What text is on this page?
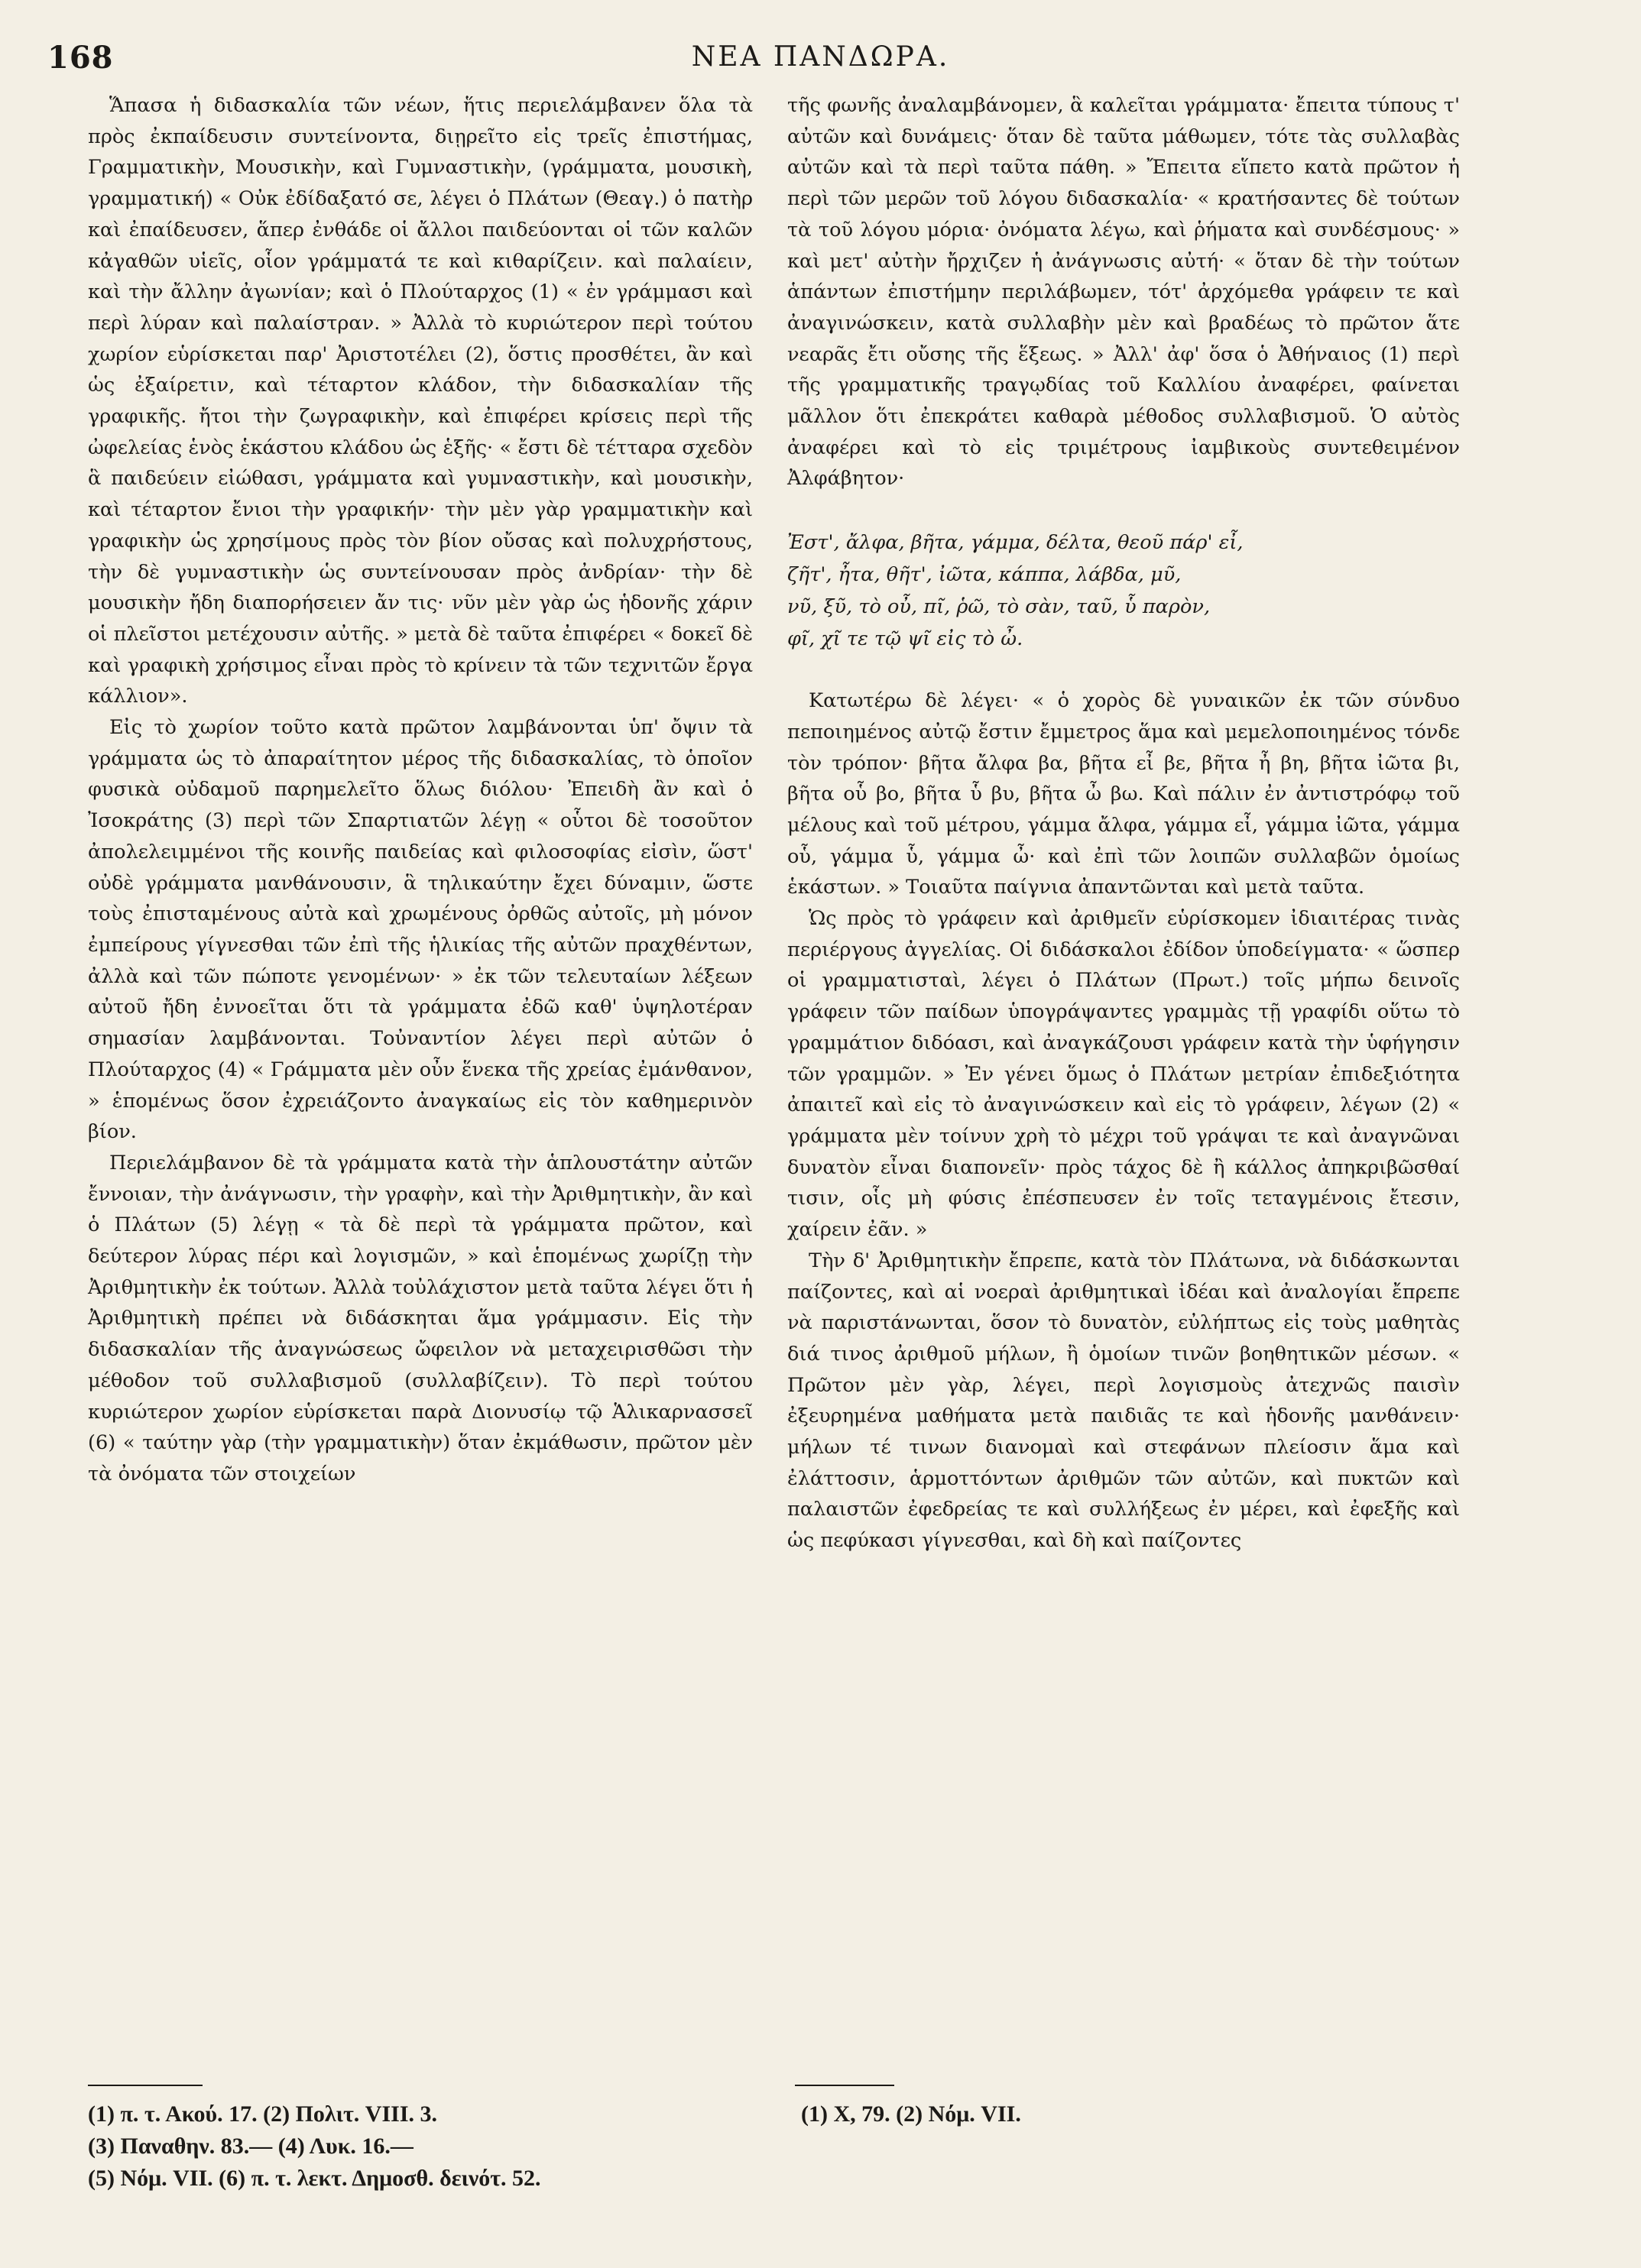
168	ΝΕΑ ΠΑΝΔΩΡΑ.

Ἅπασα ἡ διδασκαλία τῶν νέων, ἥτις περιελάμβανεν ὅλα τὰ πρὸς ἐκπαίδευσιν συντείνοντα, διῃρεῖτο εἰς τρεῖς ἐπιστήμας, Γραμματικὴν, Μουσικὴν, καὶ Γυμναστικὴν, (γράμματα, μουσικὴ, γραμματική) « Οὐκ ἐδίδαξατό σε, λέγει ὁ Πλάτων (Θεαγ.) ὁ πατὴρ καὶ ἐπαίδευσεν, ἅπερ ἐνθάδε οἱ ἄλλοι παιδεύονται οἱ τῶν καλῶν κἀγαθῶν υἱεῖς, οἷον γράμματά τε καὶ κιθαρίζειν. καὶ παλαίειν, καὶ τὴν ἄλλην ἀγωνίαν; καὶ ὁ Πλούταρχος (1) « ἐν γράμμασι καὶ περὶ λύραν καὶ παλαίστραν. » Ἀλλὰ τὸ κυριώτερον περὶ τούτου χωρίον εὑρίσκεται παρ' Ἀριστοτέλει (2), ὅστις προσθέτει, ἂν καὶ ὡς ἐξαίρετιν, καὶ τέταρτον κλάδον, τὴν διδασκαλίαν τῆς γραφικῆς. ἤτοι τὴν ζωγραφικὴν, καὶ ἐπιφέρει κρίσεις περὶ τῆς ὠφελείας ἑνὸς ἑκάστου κλάδου ὡς ἑξῆς· « ἔστι δὲ τέτταρα σχεδὸν ἃ παιδεύειν εἰώθασι, γράμματα καὶ γυμναστικὴν, καὶ μουσικὴν, καὶ τέταρτον ἔνιοι τὴν γραφικήν· τὴν μὲν γὰρ γραμματικὴν καὶ γραφικὴν ὡς χρησίμους πρὸς τὸν βίον οὔσας καὶ πολυχρήστους, τὴν δὲ γυμναστικὴν ὡς συντείνουσαν πρὸς ἀνδρίαν· τὴν δὲ μουσικὴν ἤδη διαπορήσειεν ἄν τις· νῦν μὲν γὰρ ὡς ἡδονῆς χάριν οἱ πλεῖστοι μετέχουσιν αὐτῆς. » μετὰ δὲ ταῦτα ἐπιφέρει « δοκεῖ δὲ καὶ γραφικὴ χρήσιμος εἶναι πρὸς τὸ κρίνειν τὰ τῶν τεχνιτῶν ἔργα κάλλιον».

Εἰς τὸ χωρίον τοῦτο κατὰ πρῶτον λαμβάνονται ὑπ' ὄψιν τὰ γράμματα ὡς τὸ ἀπαραίτητον μέρος τῆς διδασκαλίας, τὸ ὁποῖον φυσικὰ οὐδαμοῦ παρημελεῖτο ὅλως διόλου· Ἐπειδὴ ἂν καὶ ὁ Ἰσοκράτης (3) περὶ τῶν Σπαρτιατῶν λέγῃ « οὗτοι δὲ τοσοῦτον ἀπολελειμμένοι τῆς κοινῆς παιδείας καὶ φιλοσοφίας εἰσὶν, ὥστ' οὐδὲ γράμματα μανθάνουσιν, ἃ τηλικαύτην ἔχει δύναμιν, ὥστε τοὺς ἐπισταμένους αὐτὰ καὶ χρωμένους ὀρθῶς αὐτοῖς, μὴ μόνον ἐμπείρους γίγνεσθαι τῶν ἐπὶ τῆς ἡλικίας τῆς αὐτῶν πραχθέντων, ἀλλὰ καὶ τῶν πώποτε γενομένων· » ἐκ τῶν τελευταίων λέξεων αὐτοῦ ἤδη ἐννοεῖται ὅτι τὰ γράμματα ἐδῶ καθ' ὑψηλοτέραν σημασίαν λαμβάνονται. Τοὐναντίον λέγει περὶ αὐτῶν ὁ Πλούταρχος (4) « Γράμματα μὲν οὖν ἕνεκα τῆς χρείας ἐμάνθανον, » ἑπομένως ὅσον ἐχρειάζοντο ἀναγκαίως εἰς τὸν καθημερινὸν βίον.

Περιελάμβανον δὲ τὰ γράμματα κατὰ τὴν ἁπλουστάτην αὐτῶν ἔννοιαν, τὴν ἀνάγνωσιν, τὴν γραφὴν, καὶ τὴν Ἀριθμητικὴν, ἂν καὶ ὁ Πλάτων (5) λέγῃ « τὰ δὲ περὶ τὰ γράμματα πρῶτον, καὶ δεύτερον λύρας πέρι καὶ λογισμῶν, » καὶ ἑπομένως χωρίζῃ τὴν Ἀριθμητικὴν ἐκ τούτων. Ἀλλὰ τοὐλάχιστον μετὰ ταῦτα λέγει ὅτι ἡ Ἀριθμητικὴ πρέπει νὰ διδάσκηται ἅμα γράμμασιν. Εἰς τὴν διδασκαλίαν τῆς ἀναγνώσεως ὤφειλον νὰ μεταχειρισθῶσι τὴν μέθοδον τοῦ συλλαβισμοῦ (συλλαβίζειν). Τὸ περὶ τούτου κυριώτερον χωρίον εὑρίσκεται παρὰ Διονυσίῳ τῷ Ἁλικαρνασσεῖ (6) « ταύτην γὰρ (τὴν γραμματικὴν) ὅταν ἐκμάθωσιν, πρῶτον μὲν τὰ ὀνόματα τῶν στοιχείων

τῆς φωνῆς ἀναλαμβάνομεν, ἃ καλεῖται γράμματα· ἔπειτα τύπους τ' αὐτῶν καὶ δυνάμεις· ὅταν δὲ ταῦτα μάθωμεν, τότε τὰς συλλαβὰς αὐτῶν καὶ τὰ περὶ ταῦτα πάθη. » Ἔπειτα εἵπετο κατὰ πρῶτον ἡ περὶ τῶν μερῶν τοῦ λόγου διδασκαλία· « κρατήσαντες δὲ τούτων τὰ τοῦ λόγου μόρια· ὀνόματα λέγω, καὶ ῥήματα καὶ συνδέσμους· » καὶ μετ' αὐτὴν ἤρχιζεν ἡ ἀνάγνωσις αὐτή· « ὅταν δὲ τὴν τούτων ἁπάντων ἐπιστήμην περιλάβωμεν, τότ' ἀρχόμεθα γράφειν τε καὶ ἀναγινώσκειν, κατὰ συλλαβὴν μὲν καὶ βραδέως τὸ πρῶτον ἅτε νεαρᾶς ἔτι οὔσης τῆς ἕξεως. » Ἀλλ' ἀφ' ὅσα ὁ Ἀθήναιος (1) περὶ τῆς γραμματικῆς τραγῳδίας τοῦ Καλλίου ἀναφέρει, φαίνεται μᾶλλον ὅτι ἐπεκράτει καθαρὰ μέθοδος συλλαβισμοῦ. Ὁ αὐτὸς ἀναφέρει καὶ τὸ εἰς τριμέτρους ἰαμβικοὺς συντεθειμένον Ἀλφάβητον·

Ἐστ', ἄλφα, βῆτα, γάμμα, δέλτα, θεοῦ πάρ' εἶ,
ζῆτ', ἦτα, θῆτ', ἰῶτα, κάππα, λάβδα, μῦ,
νῦ, ξῦ, τὸ οὖ, πῖ, ῥῶ, τὸ σὰν, ταῦ, ὗ παρὸν,
φῖ, χῖ τε τῷ ψῖ εἰς τὸ ὦ.

Κατωτέρω δὲ λέγει· « ὁ χορὸς δὲ γυναικῶν ἐκ τῶν σύνδυο πεποιημένος αὐτῷ ἔστιν ἔμμετρος ἅμα καὶ μεμελοποιημένος τόνδε τὸν τρόπον· βῆτα ἄλφα βα, βῆτα εἶ βε, βῆτα ἦ βη, βῆτα ἰῶτα βι, βῆτα οὗ βο, βῆτα ὗ βυ, βῆτα ὦ βω. Καὶ πάλιν ἐν ἀντιστρόφῳ τοῦ μέλους καὶ τοῦ μέτρου, γάμμα ἄλφα, γάμμα εἶ, γάμμα ἰῶτα, γάμμα οὗ, γάμμα ὗ, γάμμα ὦ· καὶ ἐπὶ τῶν λοιπῶν συλλαβῶν ὁμοίως ἑκάστων. » Τοιαῦτα παίγνια ἀπαντῶνται καὶ μετὰ ταῦτα.

Ὡς πρὸς τὸ γράφειν καὶ ἀριθμεῖν εὑρίσκομεν ἰδιαιτέρας τινὰς περιέργους ἀγγελίας. Οἱ διδάσκαλοι ἐδίδον ὑποδείγματα· « ὥσπερ οἱ γραμματισταὶ, λέγει ὁ Πλάτων (Πρωτ.) τοῖς μήπω δεινοῖς γράφειν τῶν παίδων ὑπογράψαντες γραμμὰς τῇ γραφίδι οὕτω τὸ γραμμάτιον διδόασι, καὶ ἀναγκάζουσι γράφειν κατὰ τὴν ὑφήγησιν τῶν γραμμῶν. » Ἐν γένει ὅμως ὁ Πλάτων μετρίαν ἐπιδεξιότητα ἀπαιτεῖ καὶ εἰς τὸ ἀναγινώσκειν καὶ εἰς τὸ γράφειν, λέγων (2) « γράμματα μὲν τοίνυν χρὴ τὸ μέχρι τοῦ γράψαι τε καὶ ἀναγνῶναι δυνατὸν εἶναι διαπονεῖν· πρὸς τάχος δὲ ἢ κάλλος ἀπηκριβῶσθαί τισιν, οἷς μὴ φύσις ἐπέσπευσεν ἐν τοῖς τεταγμένοις ἔτεσιν, χαίρειν ἐᾶν. »

Τὴν δ' Ἀριθμητικὴν ἔπρεπε, κατὰ τὸν Πλάτωνα, νὰ διδάσκωνται παίζοντες, καὶ αἱ νοεραὶ ἀριθμητικαὶ ἰδέαι καὶ ἀναλογίαι ἔπρεπε νὰ παριστάνωνται, ὅσον τὸ δυνατὸν, εὐλήπτως εἰς τοὺς μαθητὰς διά τινος ἀριθμοῦ μήλων, ἢ ὁμοίων τινῶν βοηθητικῶν μέσων. « Πρῶτον μὲν γὰρ, λέγει, περὶ λογισμοὺς ἀτεχνῶς παισὶν ἐξευρημένα μαθήματα μετὰ παιδιᾶς τε καὶ ἡδονῆς μανθάνειν· μήλων τέ τινων διανομαὶ καὶ στεφάνων πλείοσιν ἅμα καὶ ἐλάττοσιν, ἁρμοττόντων ἀριθμῶν τῶν αὐτῶν, καὶ πυκτῶν καὶ παλαιστῶν ἐφεδρείας τε καὶ συλλήξεως ἐν μέρει, καὶ ἐφεξῆς καὶ ὡς πεφύκασι γίγνεσθαι, καὶ δὴ καὶ παίζοντες

(1) π. τ. Ακού. 17. (2) Πολιτ. VIII. 3.
(3) Παναθην. 83.— (4) Λυκ. 16.—
(5) Νόμ. VII. (6) π. τ. λεκτ. Δημοσθ. δεινότ. 52.
(1) X, 79. (2) Νόμ. VII.
